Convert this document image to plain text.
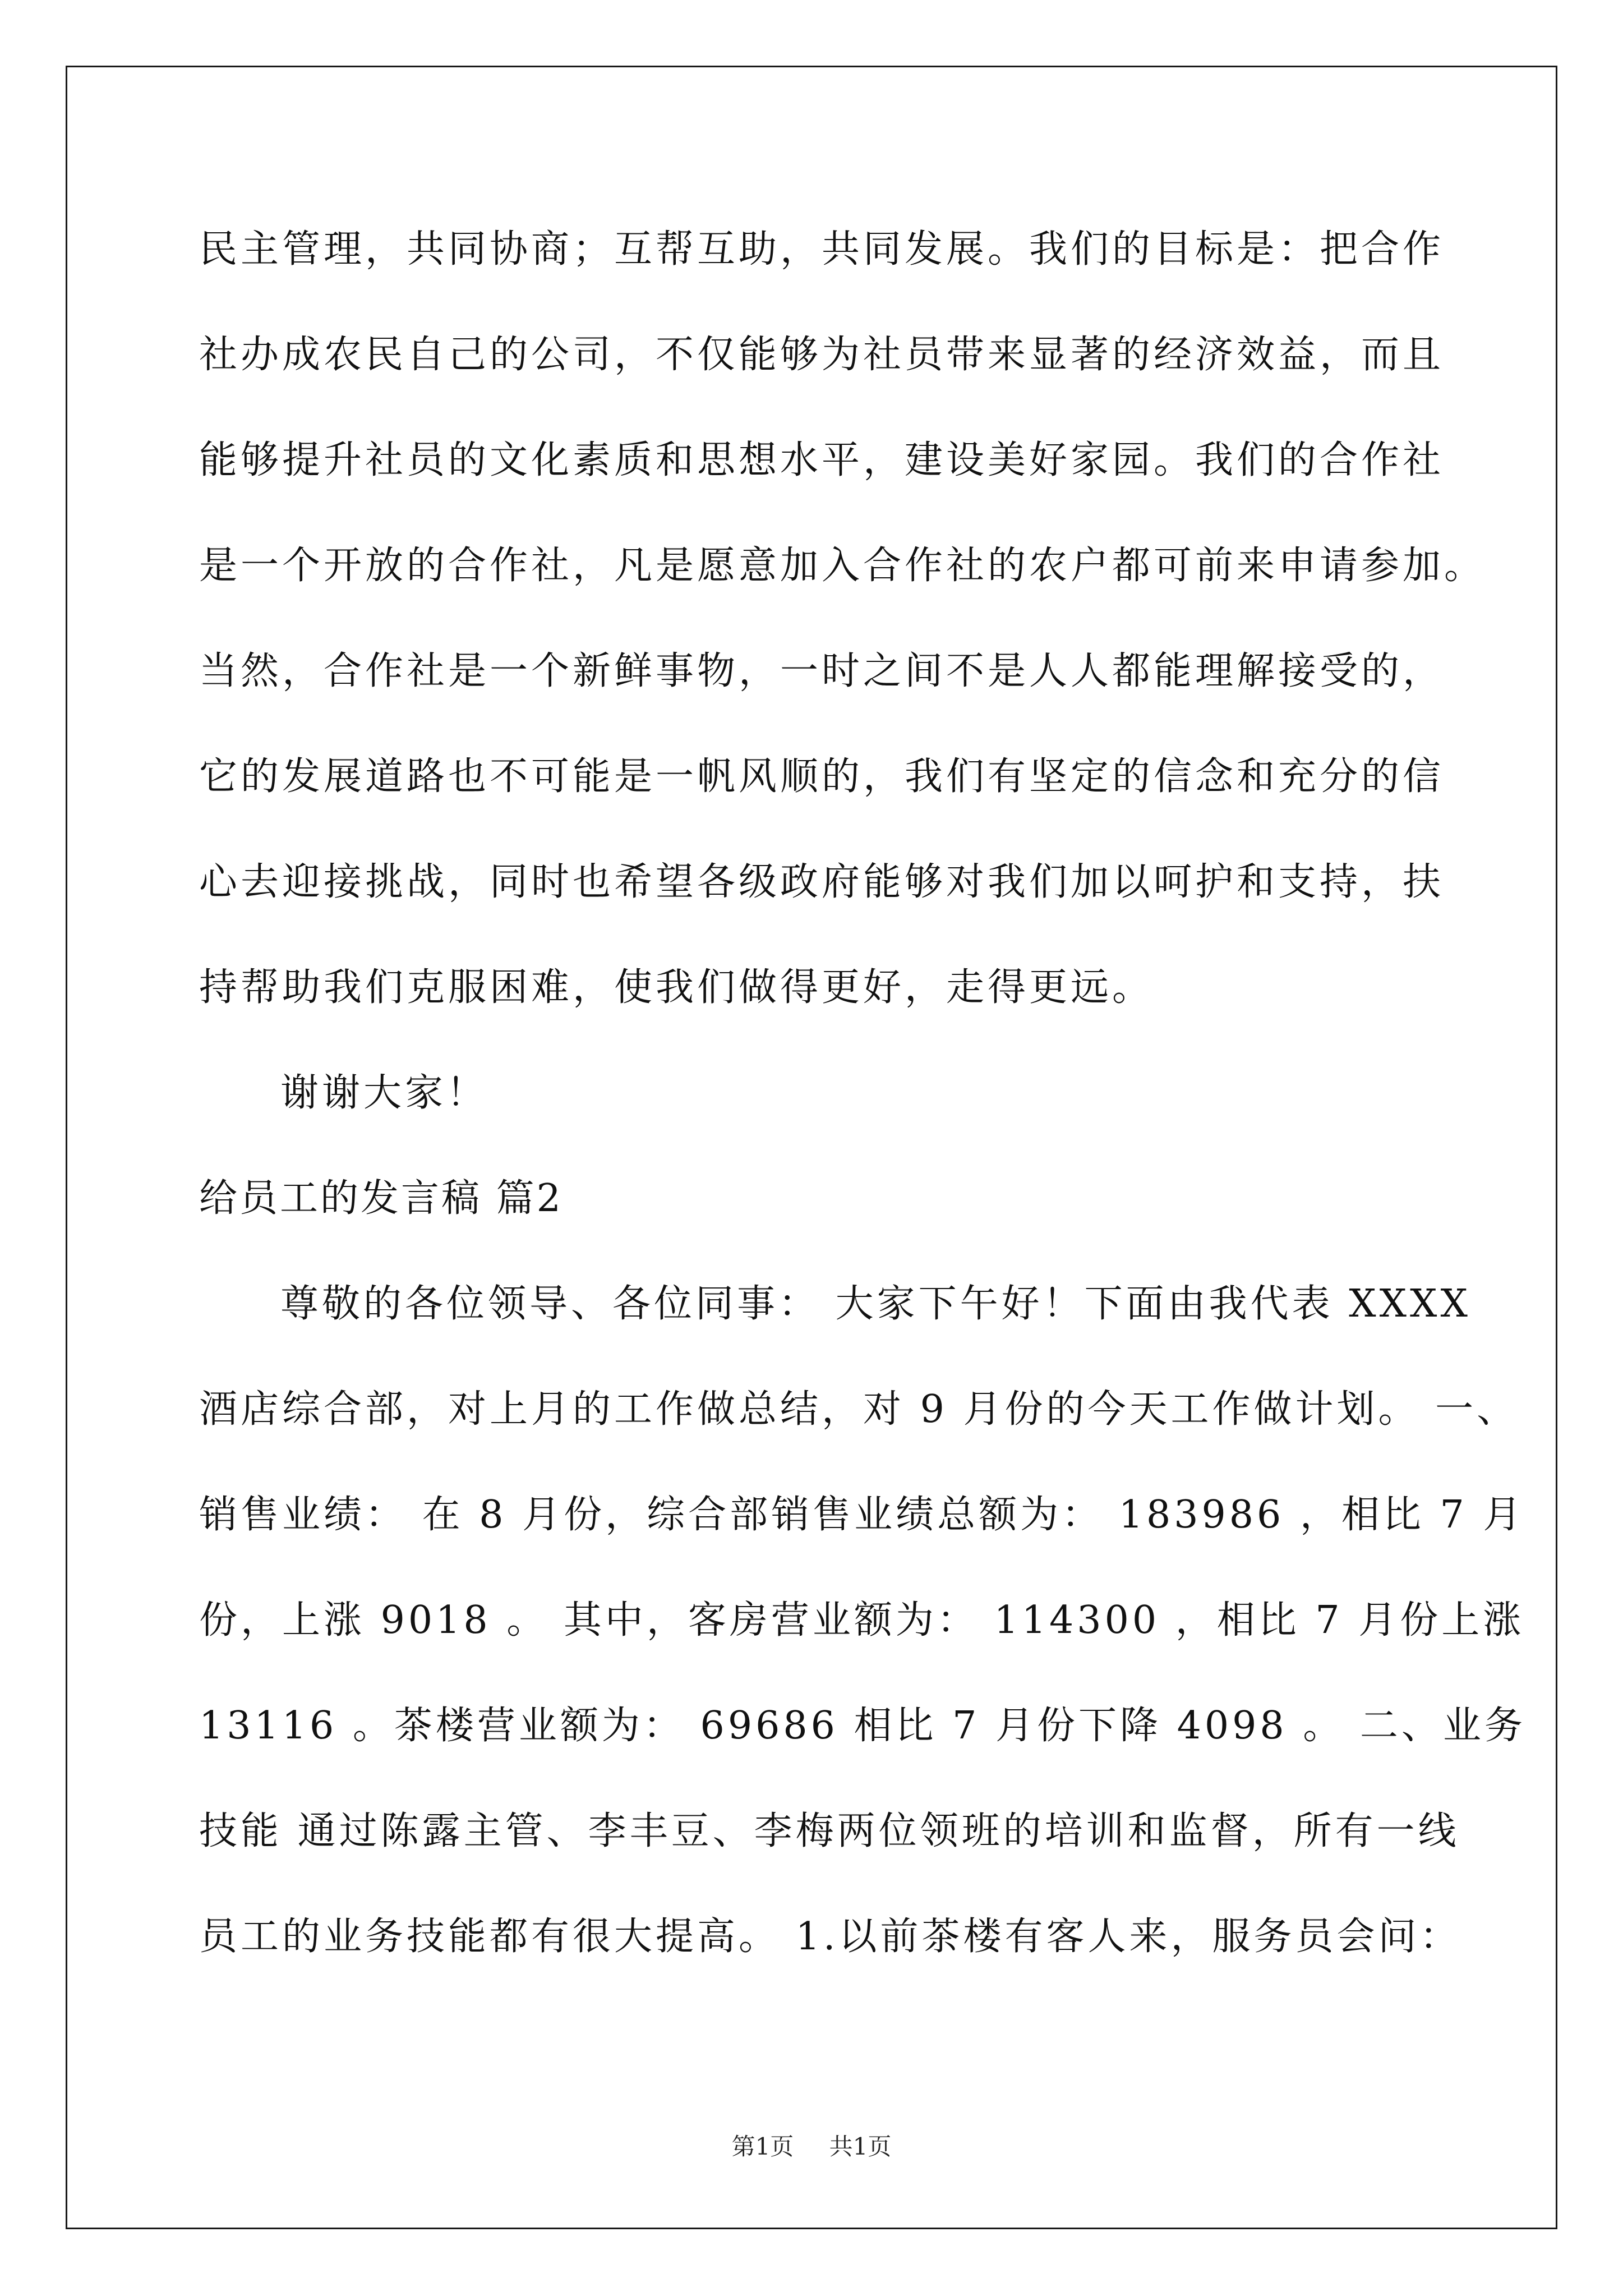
民主管理，共同协商；互帮互助，共同发展。我们的目标是：把合作
社办成农民自己的公司，不仅能够为社员带来显著的经济效益，而且
能够提升社员的文化素质和思想水平，建设美好家园。我们的合作社
是一个开放的合作社，凡是愿意加入合作社的农户都可前来申请参加。
当然，合作社是一个新鲜事物，一时之间不是人人都能理解接受的，
它的发展道路也不可能是一帆风顺的，我们有坚定的信念和充分的信
心去迎接挑战，同时也希望各级政府能够对我们加以呵护和支持，扶
持帮助我们克服困难，使我们做得更好，走得更远。
谢谢大家！
给员工的发言稿 篇2
尊敬的各位领导、各位同事： 大家下午好！下面由我代表 XXXX
酒店综合部，对上月的工作做总结，对 9 月份的今天工作做计划。 一、
销售业绩： 在 8 月份，综合部销售业绩总额为： 183986 ，相比 7 月
份，上涨 9018 。 其中，客房营业额为： 114300 ，相比 7 月份上涨
13116 。茶楼营业额为： 69686 相比 7 月份下降 4098 。 二、业务
技能 通过陈露主管、李丰豆、李梅两位领班的培训和监督，所有一线
员工的业务技能都有很大提高。 1.以前茶楼有客人来，服务员会问：
第1页 共1页
